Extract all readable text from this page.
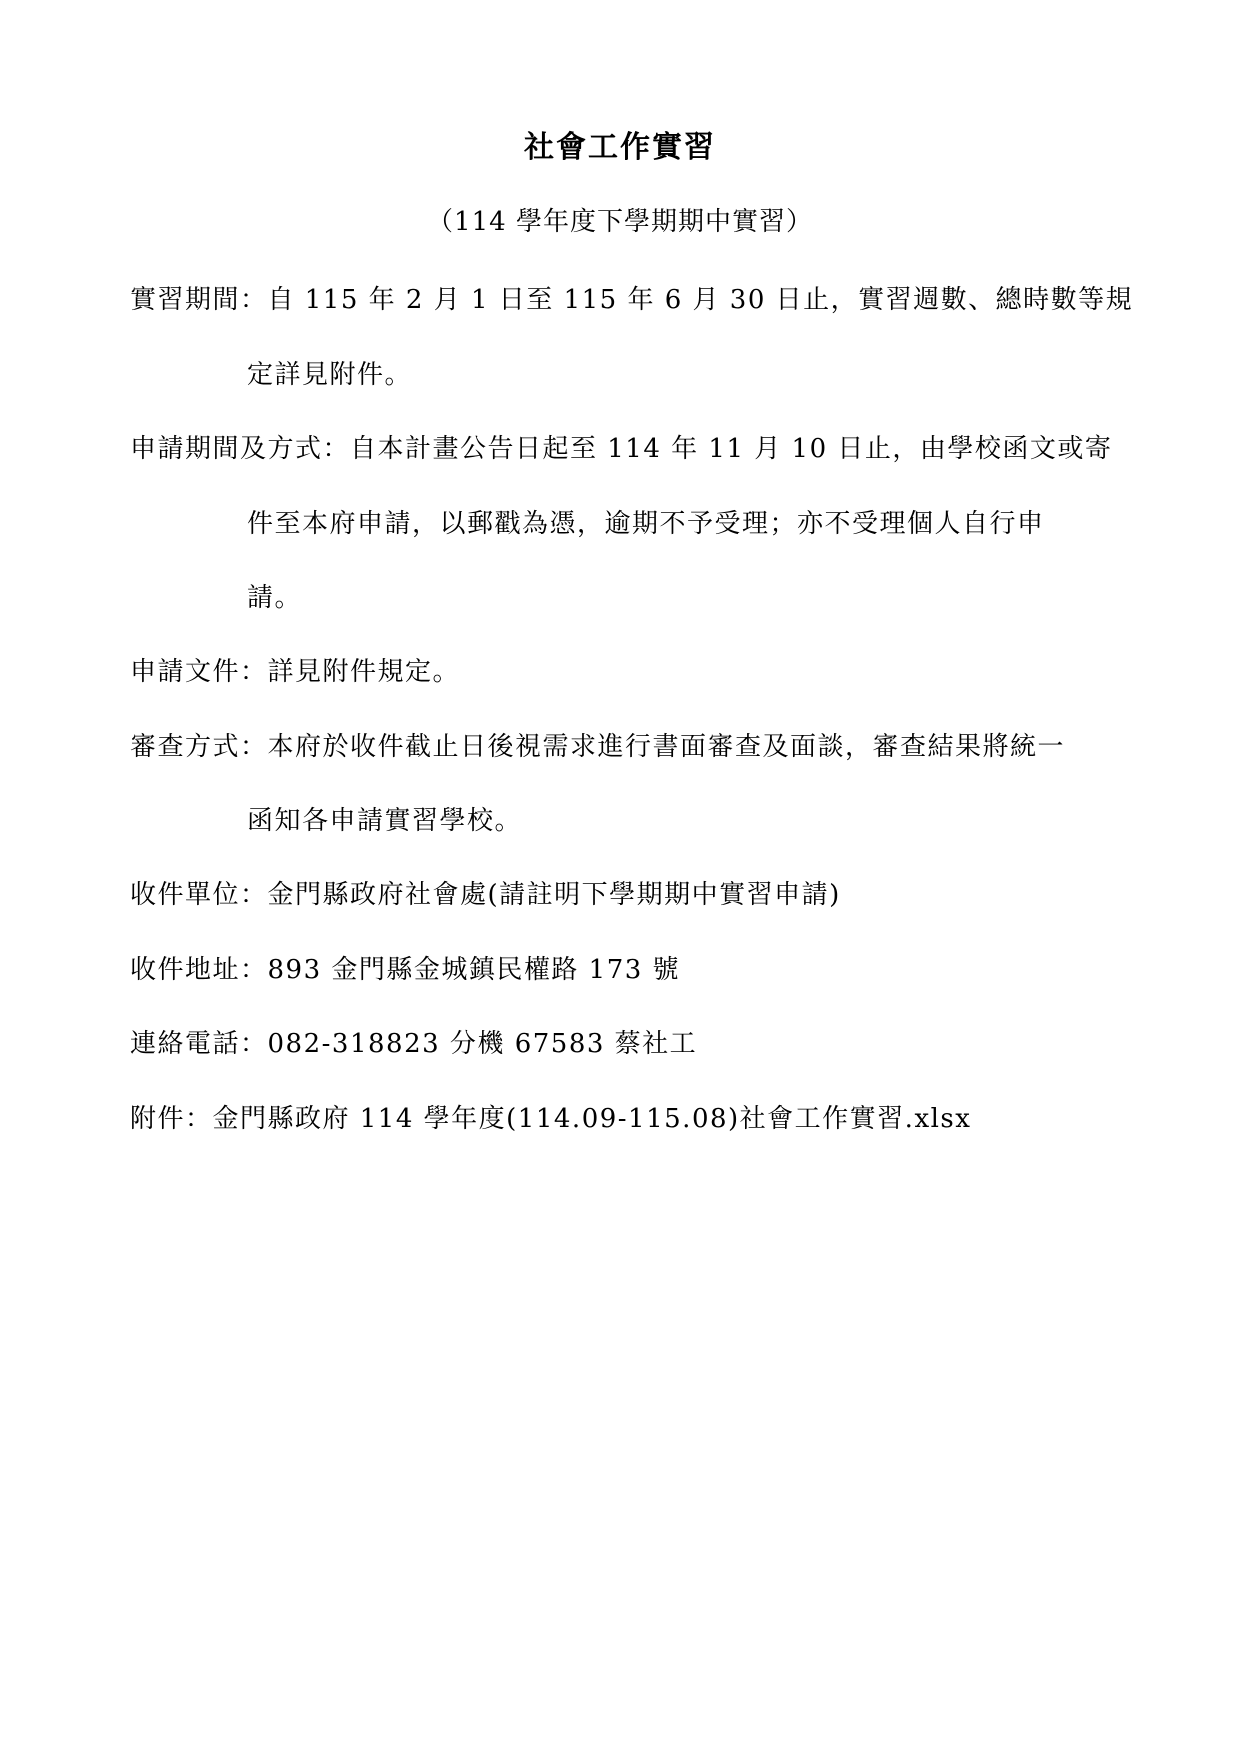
社會工作實習
（114 學年度下學期期中實習）
實習期間：自 115 年 2 月 1 日至 115 年 6 月 30 日止，實習週數、總時數等規
定詳見附件。
申請期間及方式：自本計畫公告日起至 114 年 11 月 10 日止，由學校函文或寄
件至本府申請，以郵戳為憑，逾期不予受理；亦不受理個人自行申
請。
申請文件：詳見附件規定。
審查方式：本府於收件截止日後視需求進行書面審查及面談，審查結果將統一
函知各申請實習學校。
收件單位：金門縣政府社會處(請註明下學期期中實習申請)
收件地址：893 金門縣金城鎮民權路 173 號
連絡電話：082-318823 分機 67583 蔡社工
附件：金門縣政府 114 學年度(114.09-115.08)社會工作實習.xlsx
